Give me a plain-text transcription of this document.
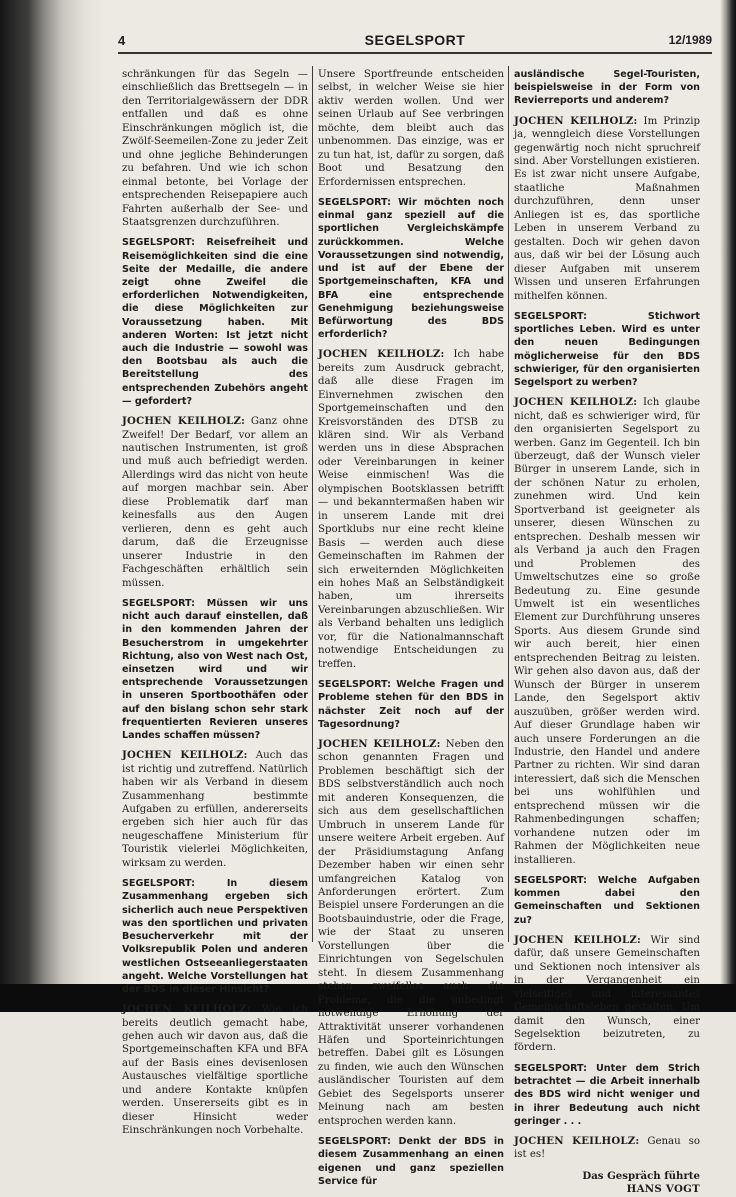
4	SEGELSPORT	12/1989

schränkungen für das Segeln — einschließlich das Brettsegeln — in den Territorialgewässern der DDR entfallen und daß es ohne Einschränkungen möglich ist, die Zwölf-Seemeilen-Zone zu jeder Zeit und ohne jegliche Behinderungen zu befahren. Und wie ich schon einmal betonte, bei Vorlage der entsprechenden Reisepapiere auch Fahrten außerhalb der See- und Staatsgrenzen durchzuführen.

SEGELSPORT: Reisefreiheit und Reisemöglichkeiten sind die eine Seite der Medaille, die andere zeigt ohne Zweifel die erforderlichen Notwendigkeiten, die diese Möglichkeiten zur Voraussetzung haben. Mit anderen Worten: Ist jetzt nicht auch die Industrie — sowohl was den Bootsbau als auch die Bereitstellung des entsprechenden Zubehörs angeht — gefordert?

JOCHEN KEILHOLZ: Ganz ohne Zweifel! Der Bedarf, vor allem an nautischen Instrumenten, ist groß und muß auch befriedigt werden. Allerdings wird das nicht von heute auf morgen machbar sein. Aber diese Problematik darf man keinesfalls aus den Augen verlieren, denn es geht auch darum, daß die Erzeugnisse unserer Industrie in den Fachgeschäften erhältlich sein müssen.

SEGELSPORT: Müssen wir uns nicht auch darauf einstellen, daß in den kommenden Jahren der Besucherstrom in umgekehrter Richtung, also von West nach Ost, einsetzen wird und wir entsprechende Voraussetzungen in unseren Sportboothäfen oder auf den bislang schon sehr stark frequentierten Revieren unseres Landes schaffen müssen?

JOCHEN KEILHOLZ: Auch das ist richtig und zutreffend. Natürlich haben wir als Verband in diesem Zusammenhang bestimmte Aufgaben zu erfüllen, andererseits ergeben sich hier auch für das neugeschaffene Ministerium für Touristik vielerlei Möglichkeiten, wirksam zu werden.

SEGELSPORT: In diesem Zusammenhang ergeben sich sicherlich auch neue Perspektiven was den sportlichen und privaten Besucherverkehr mit der Volksrepublik Polen und anderen westlichen Ostseeanliegerstaaten angeht. Welche Vorstellungen hat der BDS in dieser Hinsicht?

JOCHEN KEILHOLZ: Wie ich bereits deutlich gemacht habe, gehen auch wir davon aus, daß die Sportgemeinschaften KFA und BFA auf der Basis eines devisenlosen Austausches vielfältige sportliche und andere Kontakte knüpfen werden. Unsererseits gibt es in dieser Hinsicht weder Einschränkungen noch Vorbehalte.

Unsere Sportfreunde entscheiden selbst, in welcher Weise sie hier aktiv werden wollen. Und wer seinen Urlaub auf See verbringen möchte, dem bleibt auch das unbenommen. Das einzige, was er zu tun hat, ist, dafür zu sorgen, daß Boot und Besatzung den Erfordernissen entsprechen.

SEGELSPORT: Wir möchten noch einmal ganz speziell auf die sportlichen Vergleichskämpfe zurückkommen. Welche Voraussetzungen sind notwendig, und ist auf der Ebene der Sportgemeinschaften, KFA und BFA eine entsprechende Genehmigung beziehungsweise Befürwortung des BDS erforderlich?

JOCHEN KEILHOLZ: Ich habe bereits zum Ausdruck gebracht, daß alle diese Fragen im Einvernehmen zwischen den Sportgemeinschaften und den Kreisvorständen des DTSB zu klären sind. Wir als Verband werden uns in diese Absprachen oder Vereinbarungen in keiner Weise einmischen! Was die olympischen Bootsklassen betrifft — und bekanntermaßen haben wir in unserem Lande mit drei Sportklubs nur eine recht kleine Basis — werden auch diese Gemeinschaften im Rahmen der sich erweiternden Möglichkeiten ein hohes Maß an Selbständigkeit haben, um ihrerseits Vereinbarungen abzuschließen. Wir als Verband behalten uns lediglich vor, für die Nationalmannschaft notwendige Entscheidungen zu treffen.

SEGELSPORT: Welche Fragen und Probleme stehen für den BDS in nächster Zeit noch auf der Tagesordnung?

JOCHEN KEILHOLZ: Neben den schon genannten Fragen und Problemen beschäftigt sich der BDS selbstverständlich auch noch mit anderen Konsequenzen, die sich aus dem gesellschaftlichen Umbruch in unserem Lande für unsere weitere Arbeit ergeben. Auf der Präsidiumstagung Anfang Dezember haben wir einen sehr umfangreichen Katalog von Anforderungen erörtert. Zum Beispiel unsere Forderungen an die Bootsbauindustrie, oder die Frage, wie der Staat zu unseren Vorstellungen über die Einrichtungen von Segelschulen steht. In diesem Zusammenhang stehen zweifellos auch die Probleme, die die unbedingt notwendige Erhöhung der Attraktivität unserer vorhandenen Häfen und Sporteinrichtungen betreffen. Dabei gilt es Lösungen zu finden, wie auch den Wünschen ausländischer Touristen auf dem Gebiet des Segelsports unserer Meinung nach am besten entsprochen werden kann.

SEGELSPORT: Denkt der BDS in diesem Zusammenhang an einen eigenen und ganz speziellen Service für

ausländische Segel-Touristen, beispielsweise in der Form von Revierreports und anderem?

JOCHEN KEILHOLZ: Im Prinzip ja, wenngleich diese Vorstellungen gegenwärtig noch nicht spruchreif sind. Aber Vorstellungen existieren. Es ist zwar nicht unsere Aufgabe, staatliche Maßnahmen durchzuführen, denn unser Anliegen ist es, das sportliche Leben in unserem Verband zu gestalten. Doch wir gehen davon aus, daß wir bei der Lösung auch dieser Aufgaben mit unserem Wissen und unseren Erfahrungen mithelfen können.

SEGELSPORT: Stichwort sportliches Leben. Wird es unter den neuen Bedingungen möglicherweise für den BDS schwieriger, für den organisierten Segelsport zu werben?

JOCHEN KEILHOLZ: Ich glaube nicht, daß es schwieriger wird, für den organisierten Segelsport zu werben. Ganz im Gegenteil. Ich bin überzeugt, daß der Wunsch vieler Bürger in unserem Lande, sich in der schönen Natur zu erholen, zunehmen wird. Und kein Sportverband ist geeigneter als unserer, diesen Wünschen zu entsprechen. Deshalb messen wir als Verband ja auch den Fragen und Problemen des Umweltschutzes eine so große Bedeutung zu. Eine gesunde Umwelt ist ein wesentliches Element zur Durchführung unseres Sports. Aus diesem Grunde sind wir auch bereit, hier einen entsprechenden Beitrag zu leisten. Wir gehen also davon aus, daß der Wunsch der Bürger in unserem Lande, den Segelsport aktiv auszuüben, größer werden wird. Auf dieser Grundlage haben wir auch unsere Forderungen an die Industrie, den Handel und andere Partner zu richten. Wir sind daran interessiert, daß sich die Menschen bei uns wohlfühlen und entsprechend müssen wir die Rahmenbedingungen schaffen; vorhandene nutzen oder im Rahmen der Möglichkeiten neue installieren.

SEGELSPORT: Welche Aufgaben kommen dabei den Gemeinschaften und Sektionen zu?

JOCHEN KEILHOLZ: Wir sind dafür, daß unsere Gemeinschaften und Sektionen noch intensiver als in der Vergangenheit ein vielseitiges und interessantes Gemeinschaftsleben gestalten. Um damit den Wunsch, einer Segelsektion beizutreten, zu fördern.

SEGELSPORT: Unter dem Strich betrachtet — die Arbeit innerhalb des BDS wird nicht weniger und in ihrer Bedeutung auch nicht geringer . . .

JOCHEN KEILHOLZ: Genau so ist es!

Das Gespräch führte

HANS VOGT
